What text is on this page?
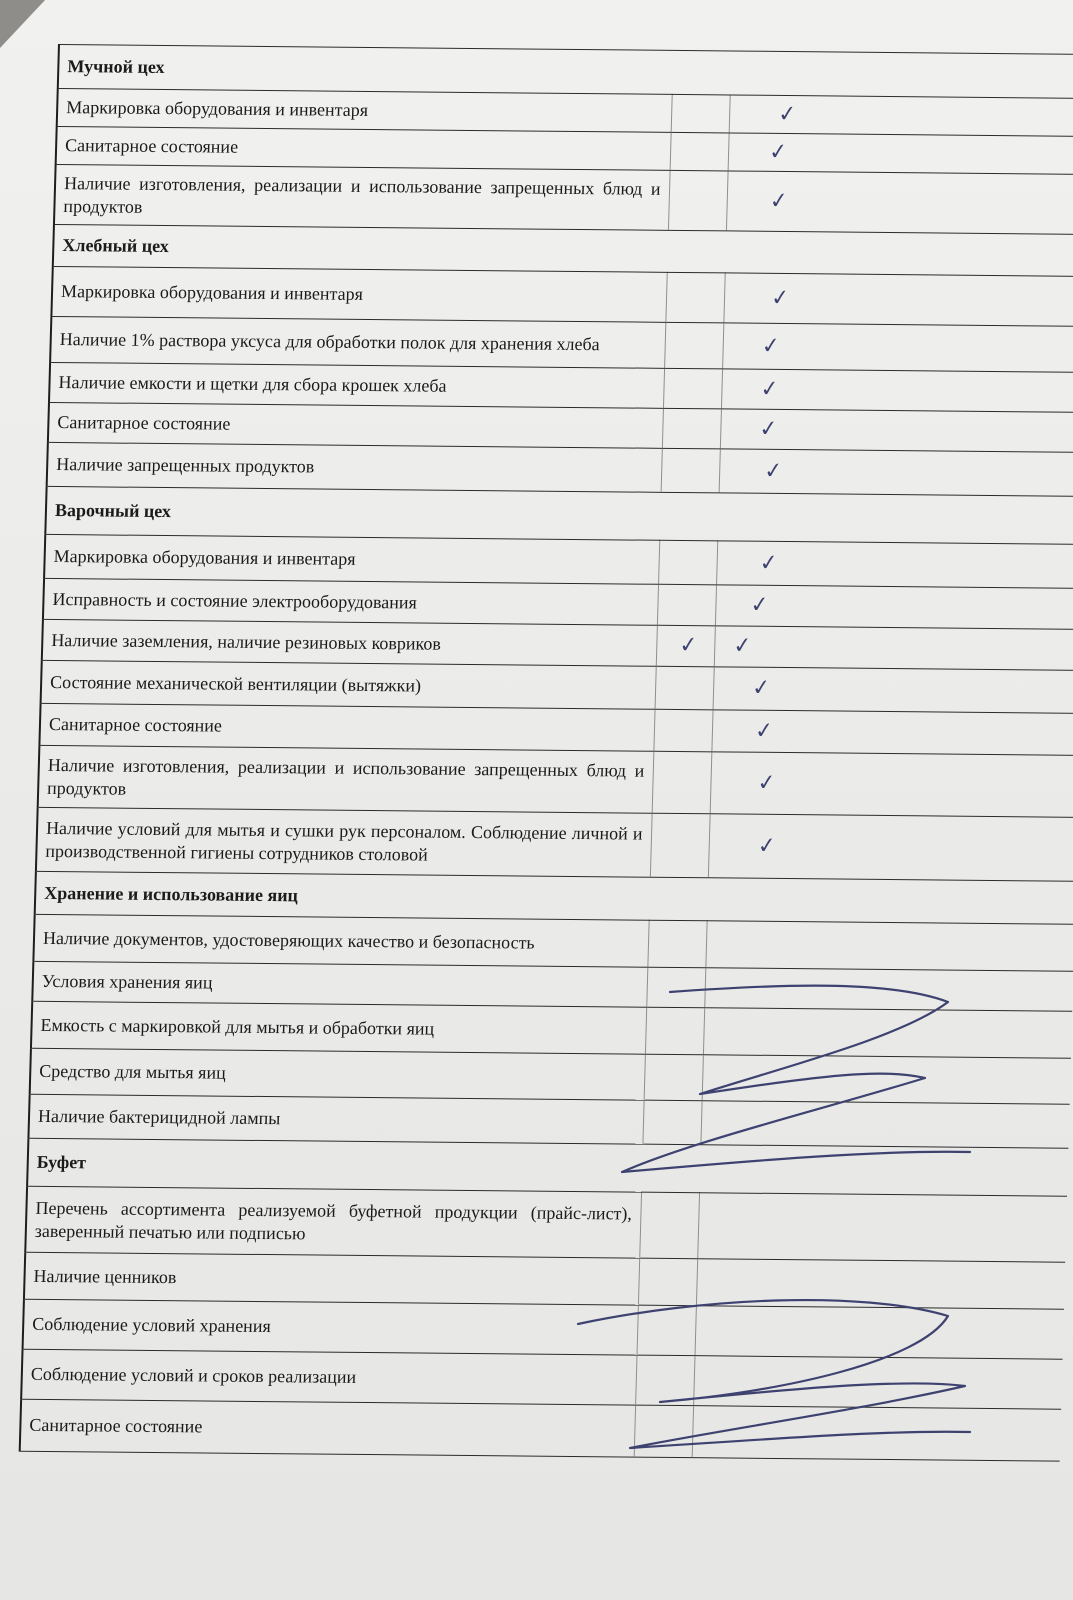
Мучной цех		
Маркировка оборудования и инвентаря		✓
Санитарное состояние		✓
Наличие изготовления, реализации и использование запрещенных блюд и продуктов		✓
Хлебный цех		
Маркировка оборудования и инвентаря		✓
Наличие 1% раствора уксуса для обработки полок для хранения хлеба		✓
Наличие емкости и щетки для сбора крошек хлеба		✓
Санитарное состояние		✓
Наличие запрещенных продуктов		✓
Варочный цех		
Маркировка оборудования и инвентаря		✓
Исправность и состояние электрооборудования		✓
Наличие заземления, наличие резиновых ковриков	✓	✓
Состояние механической вентиляции (вытяжки)		✓
Санитарное состояние		✓
Наличие изготовления, реализации и использование запрещенных блюд и продуктов		✓
Наличие условий для мытья и сушки рук персоналом. Соблюдение личной и производственной гигиены сотрудников столовой		✓
Хранение и использование яиц		
Наличие документов, удостоверяющих качество и безопасность		
Условия хранения яиц		
Емкость с маркировкой для мытья и обработки яиц		
Средство для мытья яиц		
Наличие бактерицидной лампы		
Буфет		
Перечень ассортимента реализуемой буфетной продукции (прайс-лист), заверенный печатью или подписью		
Наличие ценников		
Соблюдение условий хранения		
Соблюдение условий и сроков реализации		
Санитарное состояние		
